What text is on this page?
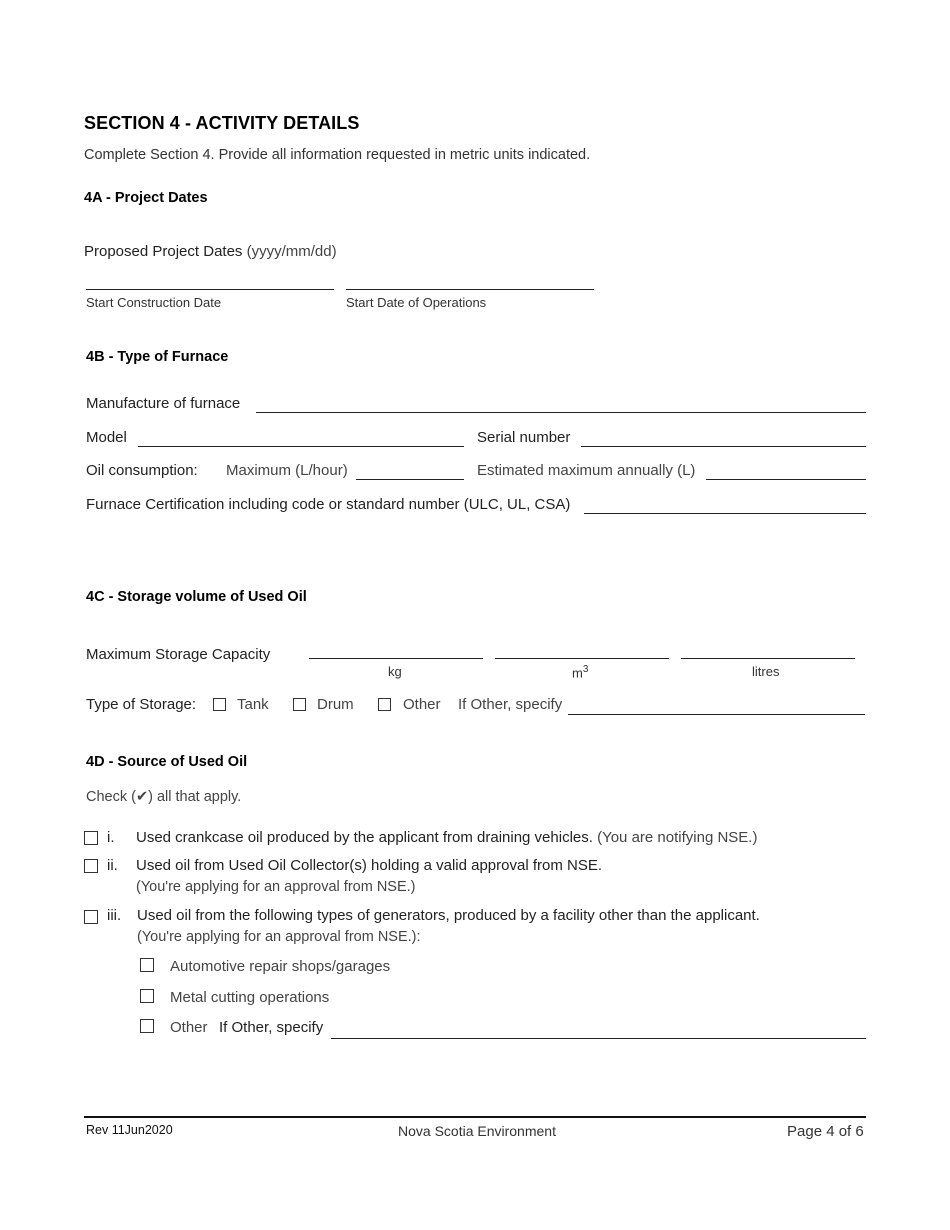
SECTION 4 - ACTIVITY DETAILS
Complete Section 4. Provide all information requested in metric units indicated.
4A - Project Dates
Proposed Project Dates (yyyy/mm/dd)
Start Construction Date	Start Date of Operations
4B - Type of Furnace
Manufacture of furnace
Model	Serial number
Oil consumption: Maximum (L/hour)	Estimated maximum annually (L)
Furnace Certification including code or standard number (ULC, UL, CSA)
4C - Storage volume of Used Oil
Maximum Storage Capacity
kg	$m^3$	litres
Type of Storage:	Tank	Drum	Other If Other, specify
4D - Source of Used Oil
Check (✔) all that apply.
i. Used crankcase oil produced by the applicant from draining vehicles. (You are notifying NSE.)
ii. Used oil from Used Oil Collector(s) holding a valid approval from NSE.
(You're applying for an approval from NSE.)
iii. Used oil from the following types of generators, produced by a facility other than the applicant.
(You're applying for an approval from NSE.):
Automotive repair shops/garages
Metal cutting operations
Other If Other, specify
Rev 11Jun2020	Nova Scotia Environment	Page 4 of 6
